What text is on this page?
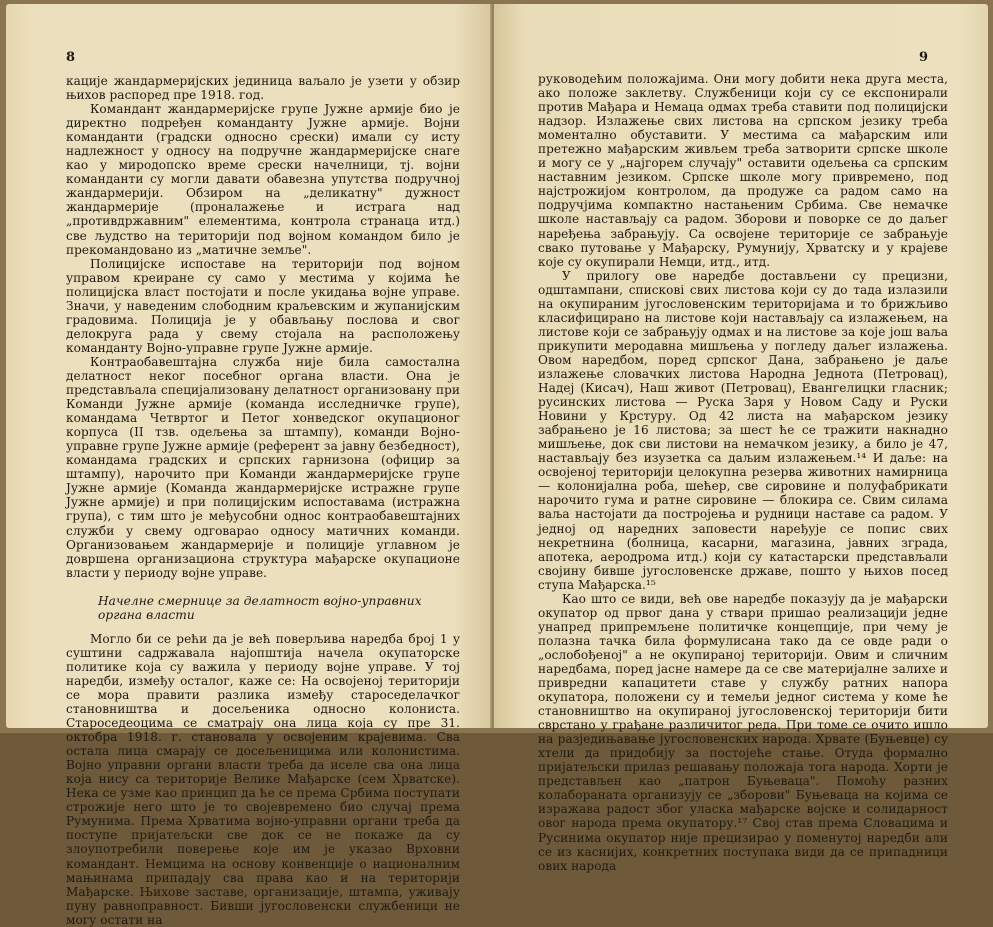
8

кације жандармеријских јединица ваљало је узети у обзир њихов распоред пре 1918. год.

Командант жандармеријске групе Јужне армије био је директно подређен команданту Јужне армије. Војни команданти (градски односно срески) имали су исту надлежност у односу на подручне жандармеријске снаге као у миродопско време срески начелници, тј. војни команданти су могли давати обавезна упутства подручној жандармерији. Обзиром на „деликатну" дужност жандармерије (проналажење и истрага над „противдржавним" елементима, контрола странаца итд.) све људство на територији под војном командом било је прекомандовано из „матичне земље".

Полицијске испоставе на територији под војном управом креиране су само у местима у којима ће полицијска власт постојати и после укидања војне управе. Значи, у наведеним слободним краљевским и жупанијским градовима. Полиција је у обављању послова и свог делокруга рада у свему стојала на расположењу команданту Војно-управне групе Јужне армије.

Контраобавештајна служба није била самостална делатност неког посебног органа власти. Она је представљала специјализовану делатност организовану при Команди Јужне армије (команда исследничке групе), командама Четвртог и Петог хонведског окупационог корпуса (II тзв. одељења за штампу), команди Војно-управне групе Јужне армије (референт за јавну безбедност), командама градских и српских гарнизона (официр за штампу), нарочито при Команди жандармеријске групе Јужне армије (Команда жандармеријске истражне групе Јужне армије) и при полицијским испоставама (истражна група), с тим што је међусобни однос контраобавештајних служби у свему одговарао односу матичних команди. Организовањем жандармерије и полиције углавном је довршена организациона структура мађарске окупационе власти у периоду војне управе.

Начелне смернице за делатност војно-управних органа власти

Могло би се рећи да је већ поверљива наредба број 1 у суштини садржавала најопштија начела окупаторске политике која су важила у периоду војне управе. У тој наредби, између осталог, каже се: На освојеној територији се мора правити разлика између староседелачког становништва и досељеника односно колониста. Староседеоцима се сматрају она лица која су пре 31. октобра 1918. г. становала у освојеним крајевима. Сва остала лица смарају се досељеницима или колонистима. Војно управни органи власти треба да иселе сва она лица која нису са територије Велике Мађарске (сем Хрватске). Нека се узме као принцип да ће се према Србима поступати строжије него што је то својевремено био случај према Румунима. Према Хрватима војно-управни органи треба да поступе пријатељски све док се не покаже да су злоупотребили поверење које им је указао Врховни командант. Немцима на основу конвенције о националним мањинама припадају сва права као и на територији Мађарске. Њихове заставе, организације, штампа, уживају пуну равноправност. Бивши југословенски службеници не могу остати на

9

руководећим положајима. Они могу добити нека друга места, ако положе заклетву. Службеници који су се експонирали против Мађара и Немаца одмах треба ставити под полицијски надзор. Излажење свих листова на српском језику треба моментално обуставити. У местима са мађарским или претежно мађарским живљем треба затворити српске школе и могу се у „најгорем случају" оставити одељења са српским наставним језиком. Српске школе могу привремено, под најстрожијом контролом, да продуже са радом само на подручјима компактно настањеним Србима. Све немачке школе настављају са радом. Зборови и поворке се до даљег наређења забрањују. Са освојене територије се забрањује свако путовање у Мађарску, Румунију, Хрватску и у крајеве које су окупирали Немци, итд., итд.

У прилогу ове наредбе достављени су прецизни, одштампани, списковi свих листова који су до тада излазили на окупираним југословенским територијама и то брижљиво класифицирано на листове који настављају са излажењем, на листове који се забрањују одмах и на листове за које још ваља прикупити меродавна мишљења у погледу даљег излажења. Овом наредбом, поред српског Дана, забрањено је даље излажење словачких листова Народна Једнота (Петровац), Надеј (Кисач), Наш живот (Петровац), Евангелицки гласник; русинских листова — Руска Заря у Новом Саду и Руски Новини у Крстуру. Од 42 листа на мађарском језику забрањено је 16 листова; за шест ће се тражити накнадно мишљење, док сви листови на немачком језику, а било је 47, настављају без изузетка са даљим излажењем.¹⁴ И даље: на освојеној територији целокупна резерва животних намирница — колонијална роба, шећер, све сировине и полуфабрикати нарочито гума и ратне сировине — блокира се. Свим силама ваља настојати да постројења и рудници наставе са радом. У једној од наредних заповести наређује се попис свих некретнина (болница, касарни, магазина, јавних зграда, апотека, аеродрома итд.) који су катастарски представљали својину бивше југословенске државе, пошто у њихов посед ступа Мађарска.¹⁵

Као што се види, већ ове наредбе показују да је мађарски окупатор од првог дана у ствари пришао реализацији једне унапред припремљене политичке концепције, при чему је полазна тачка била формулисана тако да се овде ради о „ослобођеној" а не окупираној територији. Овим и сличним наредбама, поред јасне намере да се све материјалне залихе и привредни капацитети ставе у службу ратних напора окупатора, положени су и темељи једног система у коме ће становништво на окупираној југословенској територији бити сврстано у грађане различитог реда. При томе се очито ишло на разједињавање југословенских народа. Хрвате (Буњевце) су хтели да придобију за постојеће стање. Отуда формално пријатељски прилаз решавању положаја тога народа. Хорти је представљен као „патрон Буњеваца". Помоћу разних колабораната организују се „зборови" Буњеваца на којима се изражава радост због уласка мађарске војске и солидарност овог народа према окупатору.¹⁷ Свој став према Словацима и Русинима окупатор није прецизирао у поменутој наредби али се из каснијих, конкретних поступака види да се припадници ових народа
